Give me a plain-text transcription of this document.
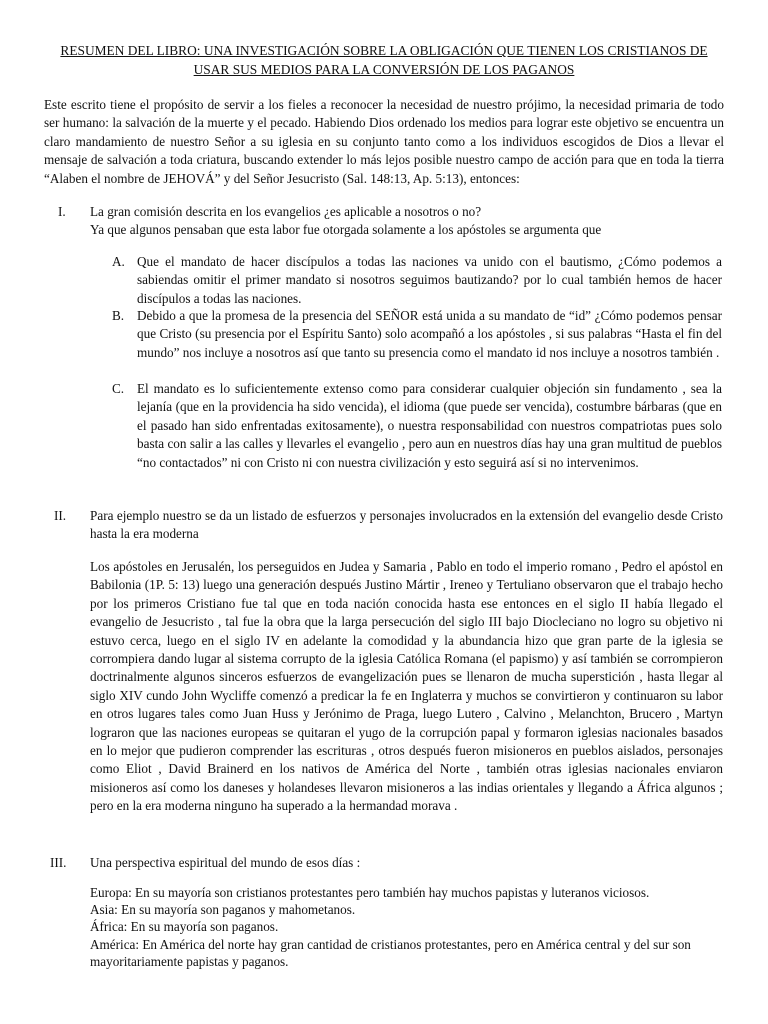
RESUMEN DEL LIBRO: UNA INVESTIGACIÓN SOBRE LA OBLIGACIÓN QUE TIENEN LOS CRISTIANOS DE
USAR SUS MEDIOS PARA LA CONVERSIÓN DE LOS PAGANOS

Este escrito tiene el propósito de servir a los fieles a reconocer la necesidad de nuestro prójimo, la necesidad primaria de todo ser humano: la salvación de la muerte y el pecado. Habiendo Dios ordenado los medios para lograr este objetivo se encuentra un claro mandamiento de nuestro Señor a su iglesia en su conjunto tanto como a los individuos escogidos de Dios a llevar el mensaje de salvación a toda criatura, buscando extender lo más lejos posible nuestro campo de acción para que en toda la tierra “Alaben el nombre de JEHOVÁ” y del Señor Jesucristo (Sal. 148:13, Ap. 5:13), entonces:

I. La gran comisión descrita en los evangelios ¿es aplicable a nosotros o no?
Ya que algunos pensaban que esta labor fue otorgada solamente a los apóstoles se argumenta que
A. Que el mandato de hacer discípulos a todas las naciones va unido con el bautismo, ¿Cómo podemos a sabiendas omitir el primer mandato si nosotros seguimos bautizando? por lo cual también hemos de hacer discípulos a todas las naciones.

B. Debido a que la promesa de la presencia del SEÑOR está unida a su mandato de “id” ¿Cómo podemos pensar que Cristo (su presencia por el Espíritu Santo) solo acompañó a los apóstoles , si sus palabras “Hasta el fin del mundo” nos incluye a nosotros así que tanto su presencia como el mandato id nos incluye a nosotros también .

C. El mandato es lo suficientemente extenso como para considerar cualquier objeción sin fundamento , sea la lejanía (que en la providencia ha sido vencida), el idioma (que puede ser vencida), costumbre bárbaras (que en el pasado han sido enfrentadas exitosamente), o nuestra responsabilidad con nuestros compatriotas pues solo basta con salir a las calles y llevarles el evangelio , pero aun en nuestros días hay una gran multitud de pueblos “no contactados” ni con Cristo ni con nuestra civilización y esto seguirá así si no intervenimos.

II. Para ejemplo nuestro se da un listado de esfuerzos y personajes involucrados en la extensión del evangelio desde Cristo hasta la era moderna

Los apóstoles en Jerusalén, los perseguidos en Judea y Samaria , Pablo en todo el imperio romano , Pedro el apóstol en Babilonia (1P. 5: 13) luego una generación después Justino Mártir , Ireneo y Tertuliano observaron que el trabajo hecho por los primeros Cristiano fue tal que en toda nación conocida hasta ese entonces en el siglo II había llegado el evangelio de Jesucristo , tal fue la obra que la larga persecución del siglo III bajo Diocleciano no logro su objetivo ni estuvo cerca, luego en el siglo IV en adelante la comodidad y la abundancia hizo que gran parte de la iglesia se corrompiera dando lugar al sistema corrupto de la iglesia Católica Romana (el papismo) y así también se corrompieron doctrinalmente algunos sinceros esfuerzos de evangelización pues se llenaron de mucha superstición , hasta llegar al siglo XIV cundo John Wycliffe comenzó a predicar la fe en Inglaterra y muchos se convirtieron y continuaron su labor en otros lugares tales como Juan Huss y Jerónimo de Praga, luego Lutero , Calvino , Melanchton, Brucero , Martyn lograron que las naciones europeas se quitaran el yugo de la corrupción papal y formaron iglesias nacionales basados en lo mejor que pudieron comprender las escrituras , otros después fueron misioneros en pueblos aislados, personajes como Eliot , David Brainerd en los nativos de América del Norte , también otras iglesias nacionales enviaron misioneros así como los daneses y holandeses llevaron misioneros a las indias orientales y llegando a África algunos ; pero en la era moderna ninguno ha superado a la hermandad morava .

III. Una perspectiva espiritual del mundo de esos días :

Europa: En su mayoría son cristianos protestantes pero también hay muchos papistas y luteranos viciosos.
Asia: En su mayoría son paganos y mahometanos.
África: En su mayoría son paganos.
América: En América del norte hay gran cantidad de cristianos protestantes, pero en América central y del sur son mayoritariamente papistas y paganos.
